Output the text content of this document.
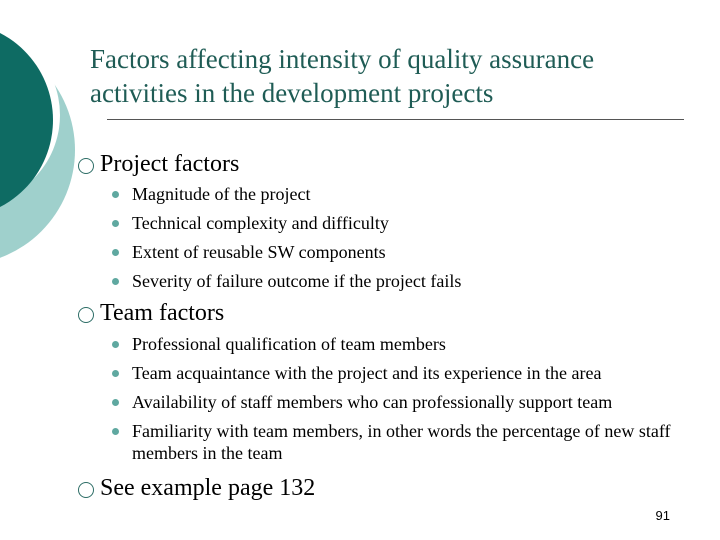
Factors affecting intensity of quality assurance
activities in the development projects
Project factors
Magnitude of the project
Technical complexity and difficulty
Extent of reusable SW components
Severity of failure outcome if the project fails
Team factors
Professional qualification of team members
Team acquaintance with the project and its experience in the area
Availability of staff members who can professionally support team
Familiarity with team members, in other words the percentage of new staff members in the team
See example page 132
91
